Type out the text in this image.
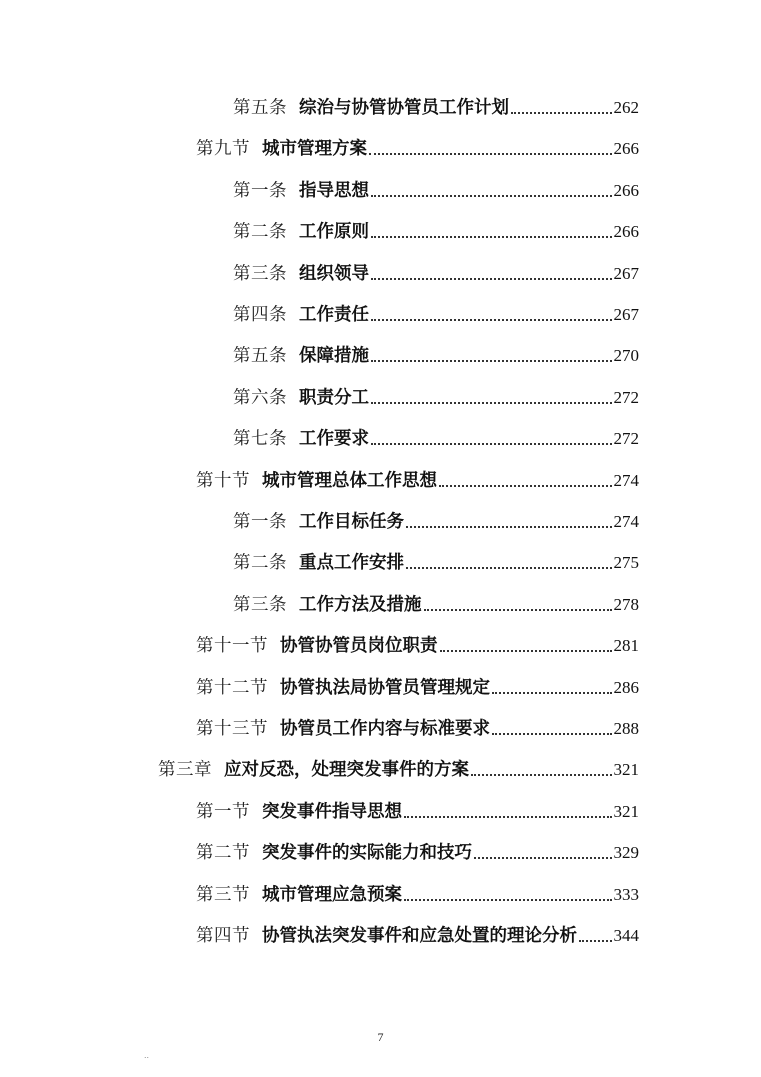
第五条 综治与协管协管员工作计划	262
第九节 城市管理方案	266
第一条 指导思想	266
第二条 工作原则	266
第三条 组织领导	267
第四条 工作责任	267
第五条 保障措施	270
第六条 职责分工	272
第七条 工作要求	272
第十节 城市管理总体工作思想	274
第一条 工作目标任务	274
第二条 重点工作安排	275
第三条 工作方法及措施	278
第十一节 协管协管员岗位职责	281
第十二节 协管执法局协管员管理规定	286
第十三节 协管员工作内容与标准要求	288
第三章 应对反恐，处理突发事件的方案	321
第一节 突发事件指导思想	321
第二节 突发事件的实际能力和技巧	329
第三节 城市管理应急预案	333
第四节 协管执法突发事件和应急处置的理论分析 344
7
..
